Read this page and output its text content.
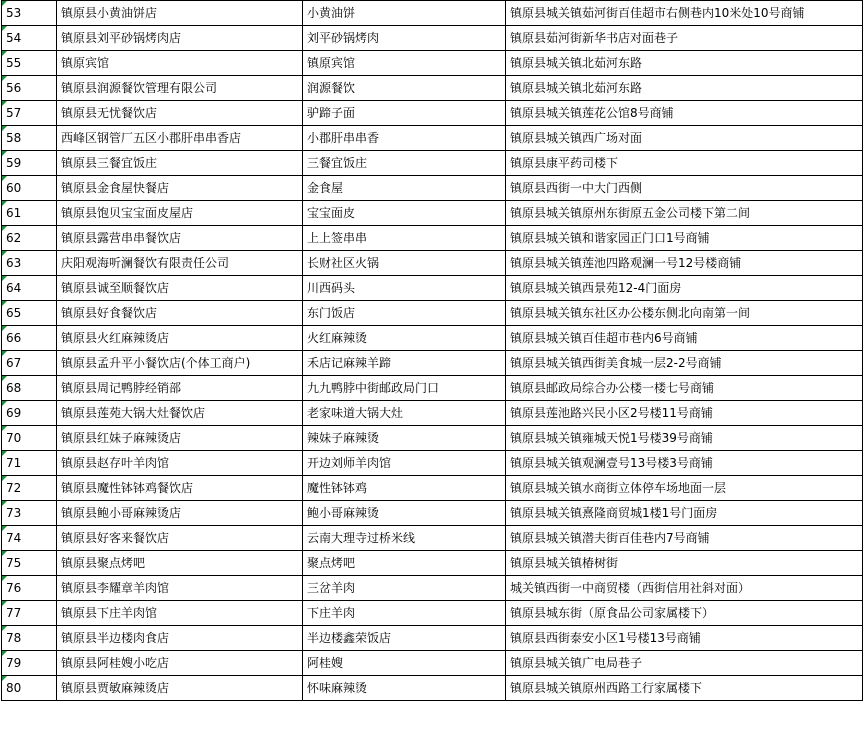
53	镇原县小黄油饼店	小黄油饼	镇原县城关镇茹河街百佳超市右侧巷内10米处10号商铺
54	镇原县刘平砂锅烤肉店	刘平砂锅烤肉	镇原县茹河街新华书店对面巷子
55	镇原宾馆	镇原宾馆	镇原县城关镇北茹河东路
56	镇原县润源餐饮管理有限公司	润源餐饮	镇原县城关镇北茹河东路
57	镇原县无忧餐饮店	驴蹄子面	镇原县城关镇莲花公馆8号商铺
58	西峰区钢管厂五区小郡肝串串香店	小郡肝串串香	镇原县城关镇西广场对面
59	镇原县三餐宜饭庄	三餐宜饭庄	镇原县康平药司楼下
60	镇原县金食屋快餐店	金食屋	镇原县西街一中大门西侧
61	镇原县饱贝宝宝面皮屋店	宝宝面皮	镇原县城关镇原州东街原五金公司楼下第二间
62	镇原县露营串串餐饮店	上上签串串	镇原县城关镇和谐家园正门口1号商铺
63	庆阳观海听澜餐饮有限责任公司	长财社区火锅	镇原县城关镇莲池四路观澜一号12号楼商铺
64	镇原县诚至顺餐饮店	川西码头	镇原县城关镇西景苑12-4门面房
65	镇原县好食餐饮店	东门饭店	镇原县城关镇东社区办公楼东侧北向南第一间
66	镇原县火红麻辣烫店	火红麻辣烫	镇原县城关镇百佳超市巷内6号商铺
67	镇原县孟升平小餐饮店(个体工商户)	禾店记麻辣羊蹄	镇原县城关镇西街美食城一层2-2号商铺
68	镇原县周记鸭脖经销部	九九鸭脖中街邮政局门口	镇原县邮政局综合办公楼一楼七号商铺
69	镇原县莲苑大锅大灶餐饮店	老家味道大锅大灶	镇原县莲池路兴民小区2号楼11号商铺
70	镇原县红妹子麻辣烫店	辣妹子麻辣烫	镇原县城关镇雍城天悦1号楼39号商铺
71	镇原县赵存叶羊肉馆	开边刘师羊肉馆	镇原县城关镇观澜壹号13号楼3号商铺
72	镇原县魔性钵钵鸡餐饮店	魔性钵钵鸡	镇原县城关镇水商街立体停车场地面一层
73	镇原县鲍小哥麻辣烫店	鲍小哥麻辣烫	镇原县城关镇熹隆商贸城1楼1号门面房
74	镇原县好客来餐饮店	云南大理寺过桥米线	镇原县城关镇潜夫街百佳巷内7号商铺
75	镇原县聚点烤吧	聚点烤吧	镇原县城关镇椿树街
76	镇原县李耀章羊肉馆	三岔羊肉	城关镇西街一中商贸楼（西街信用社斜对面）
77	镇原县下庄羊肉馆	下庄羊肉	镇原县城东街（原食品公司家属楼下）
78	镇原县半边楼肉食店	半边楼鑫荣饭店	镇原县西街泰安小区1号楼13号商铺
79	镇原县阿桂嫂小吃店	阿桂嫂	镇原县城关镇广电局巷子
80	镇原县贾敏麻辣烫店	怀味麻辣烫	镇原县城关镇原州西路工行家属楼下
